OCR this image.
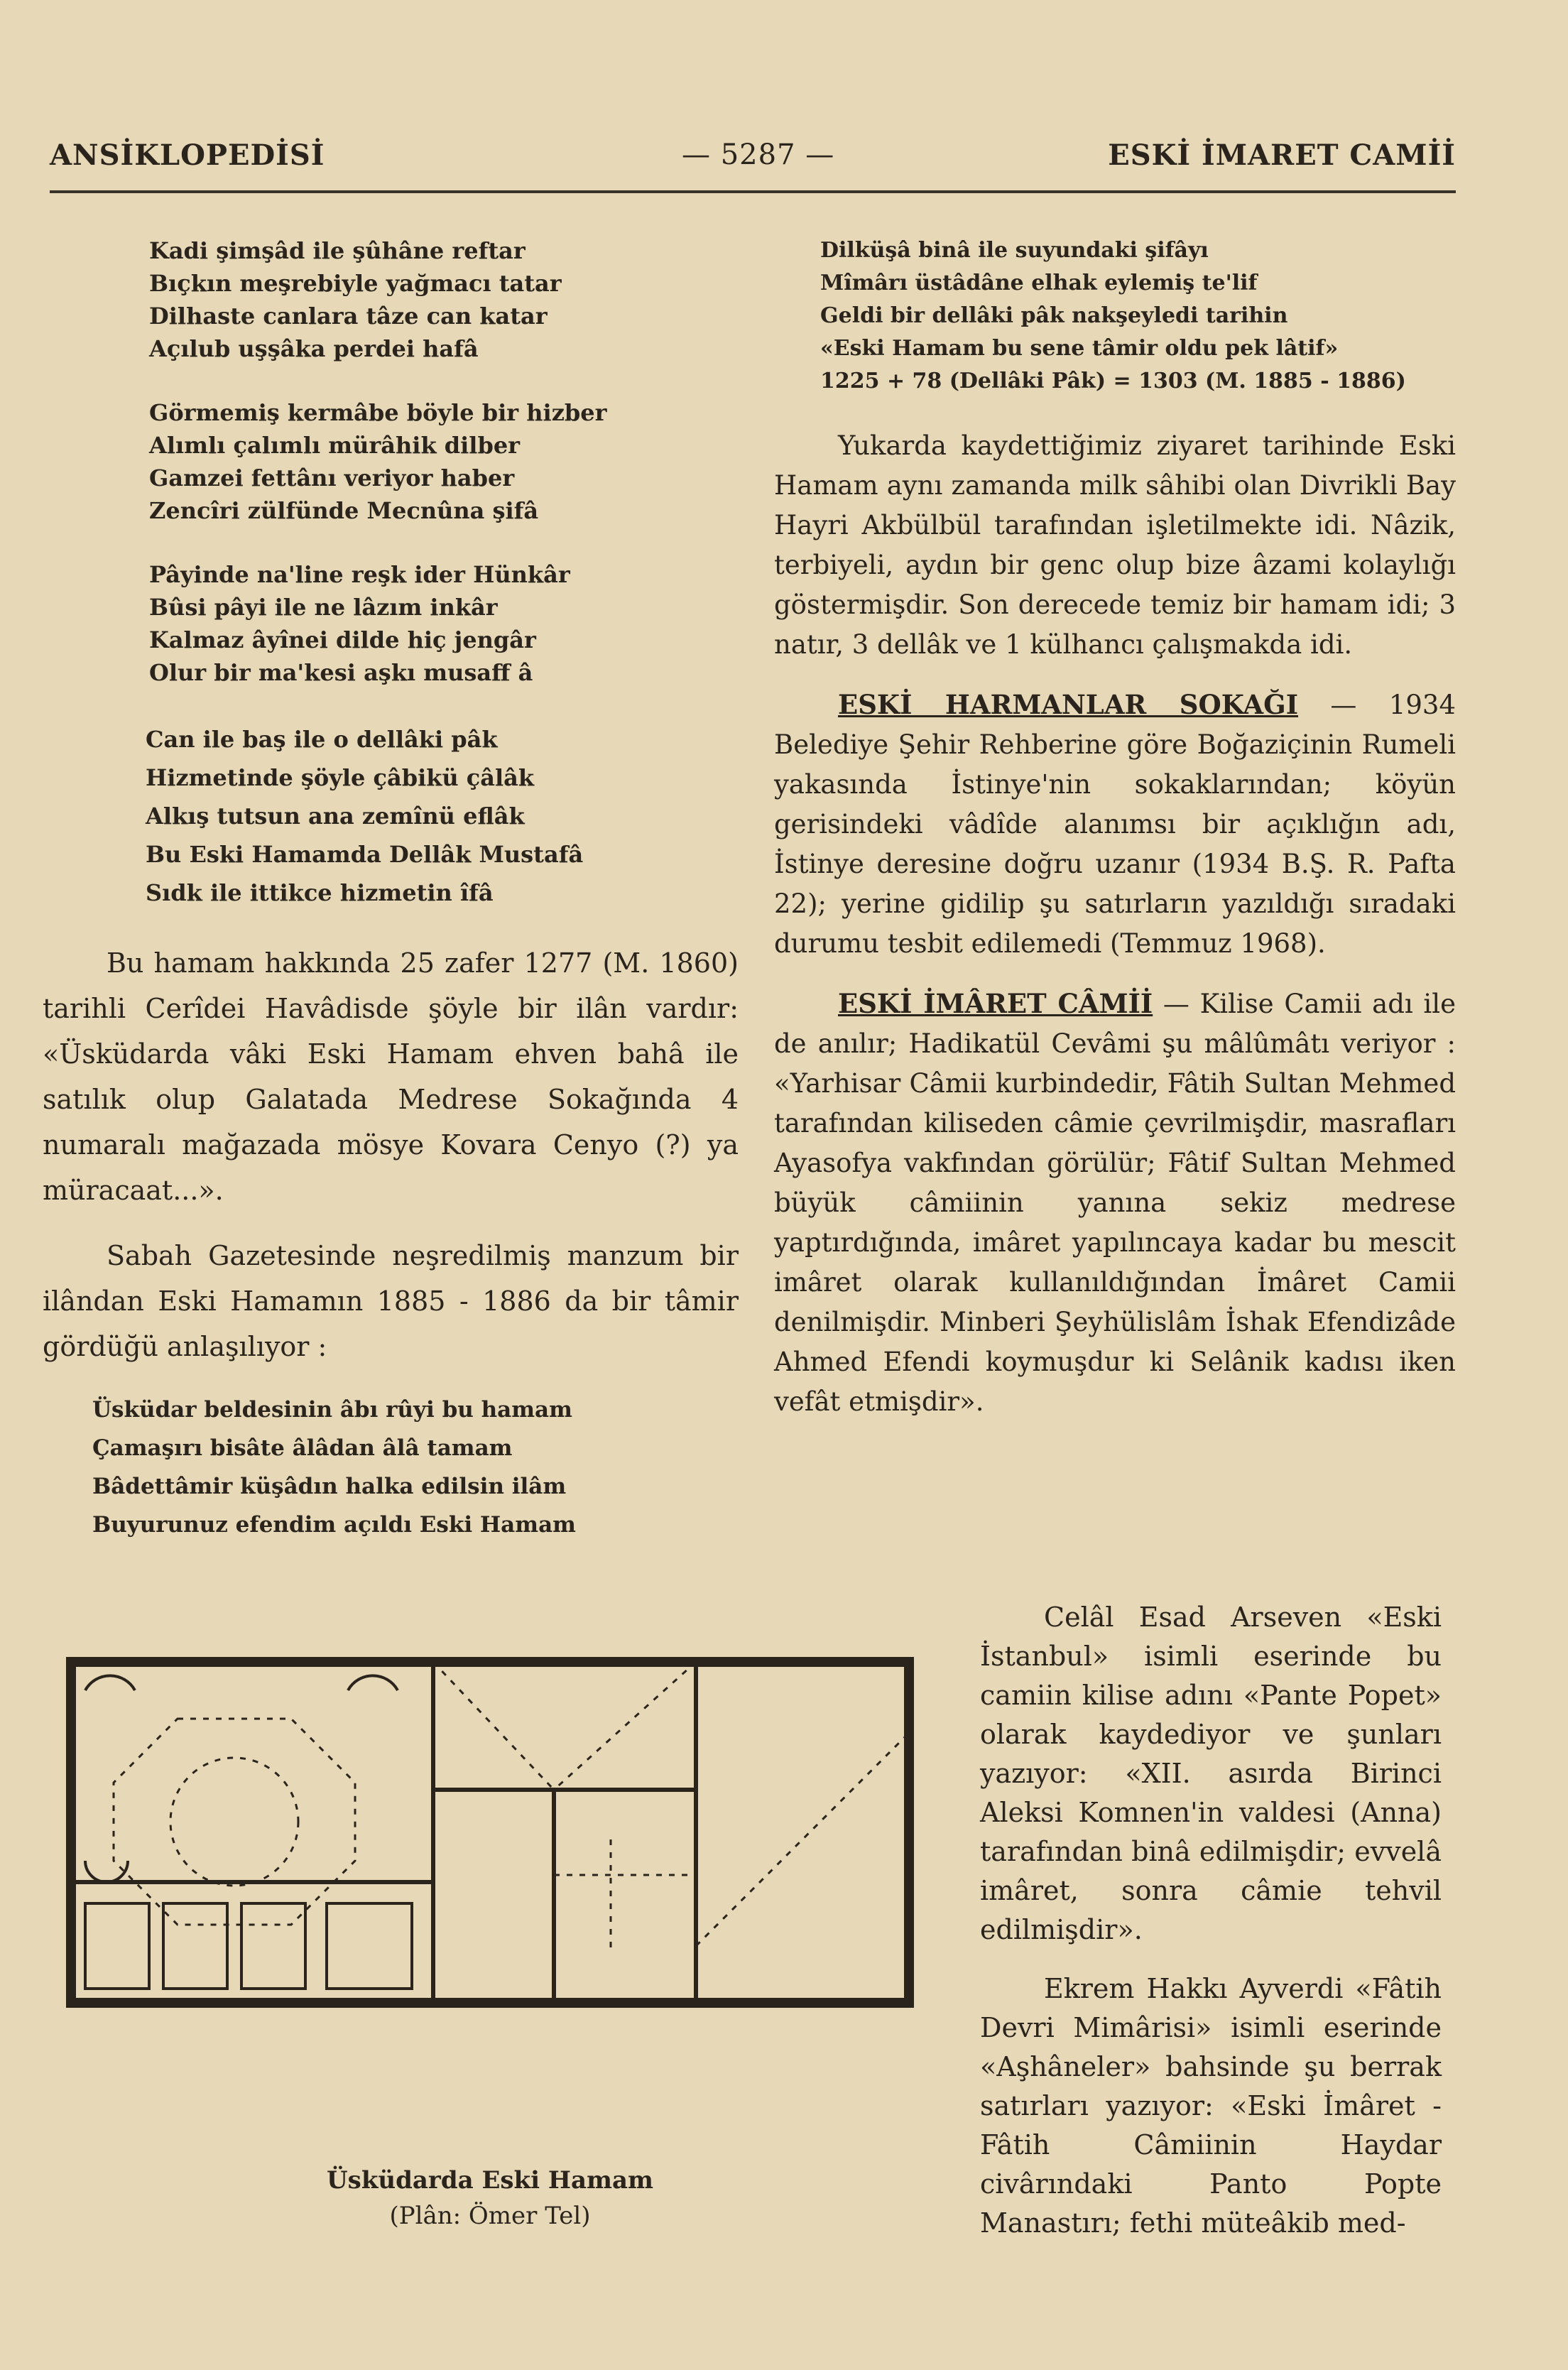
ANSİKLOPEDİSİ	— 5287 —	ESKİ İMARET CAMİİ

Kadi şimşâd ile şûhâne reftar

Bıçkın meşrebiyle yağmacı tatar

Dilhaste canlara tâze can katar

Açılub uşşâka perdei hafâ

Görmemiş kermâbe böyle bir hizber

Alımlı çalımlı mürâhik dilber

Gamzei fettânı veriyor haber

Zencîri zülfünde Mecnûna şifâ

Pâyinde na'line reşk ider Hünkâr

Bûsi pâyi ile ne lâzım inkâr

Kalmaz âyînei dilde hiç jengâr

Olur bir ma'kesi aşkı musaff â

Can ile baş ile o dellâki pâk

Hizmetinde şöyle çâbikü çâlâk

Alkış tutsun ana zemînü eflâk

Bu Eski Hamamda Dellâk Mustafâ

Sıdk ile ittikce hizmetin îfâ

Bu hamam hakkında 25 zafer 1277 (M. 1860) tarihli Cerîdei Havâdisde şöyle bir ilân vardır: «Üsküdarda vâki Eski Hamam ehven bahâ ile satılık olup Galatada Medrese Sokağında 4 numaralı mağazada mösye Kovara Cenyo (?) ya müracaat...».

Sabah Gazetesinde neşredilmiş manzum bir ilândan Eski Hamamın 1885 - 1886 da bir tâmir gördüğü anlaşılıyor :

Üsküdar beldesinin âbı rûyi bu hamam

Çamaşırı bisâte âlâdan âlâ tamam

Bâdettâmir küşâdın halka edilsin ilâm

Buyurunuz efendim açıldı Eski Hamam

Üsküdarda Eski Hamam
(Plân: Ömer Tel)

Dilküşâ binâ ile suyundaki şifâyı

Mîmârı üstâdâne elhak eylemiş te'lif

Geldi bir dellâki pâk nakşeyledi tarihin

«Eski Hamam bu sene tâmir oldu pek lâtif»

1225 + 78 (Dellâki Pâk) = 1303 (M. 1885 - 1886)

Yukarda kaydettiğimiz ziyaret tarihinde Eski Hamam aynı zamanda milk sâhibi olan Divrikli Bay Hayri Akbülbül tarafından işletilmekte idi. Nâzik, terbiyeli, aydın bir genc olup bize âzami kolaylığı göstermişdir. Son derecede temiz bir hamam idi; 3 natır, 3 dellâk ve 1 külhancı çalışmakda idi.

ESKİ HARMANLAR SOKAĞI — 1934 Belediye Şehir Rehberine göre Boğaziçinin Rumeli yakasında İstinye'nin sokaklarından; köyün gerisindeki vâdîde alanımsı bir açıklığın adı, İstinye deresine doğru uzanır (1934 B.Ş. R. Pafta 22); yerine gidilip şu satırların yazıldığı sıradaki durumu tesbit edilemedi (Temmuz 1968).

ESKİ İMÂRET CÂMİİ — Kilise Camii adı ile de anılır; Hadikatül Cevâmi şu mâlûmâtı veriyor : «Yarhisar Câmii kurbindedir, Fâtih Sultan Mehmed tarafından kiliseden câmie çevrilmişdir, masrafları Ayasofya vakfından görülür; Fâtif Sultan Mehmed büyük câmiinin yanına sekiz medrese yaptırdığında, imâret yapılıncaya kadar bu mescit imâret olarak kullanıldığından İmâret Camii denilmişdir. Minberi Şeyhülislâm İshak Efendizâde Ahmed Efendi koymuşdur ki Selânik kadısı iken vefât etmişdir».

Celâl Esad Arseven «Eski İstanbul» isimli eserinde bu camiin kilise adını «Pante Popet» olarak kaydediyor ve şunları yazıyor: «XII. asırda Birinci Aleksi Komnen'in valdesi (Anna) tarafından binâ edilmişdir; evvelâ imâret, sonra câmie tehvil edilmişdir».

Ekrem Hakkı Ayverdi «Fâtih Devri Mimârisi» isimli eserinde «Aşhâneler» bahsinde şu berrak satırları yazıyor: «Eski İmâret - Fâtih Câmiinin Haydar civârındaki Panto Popte Manastırı; fethi müteâkib med-
